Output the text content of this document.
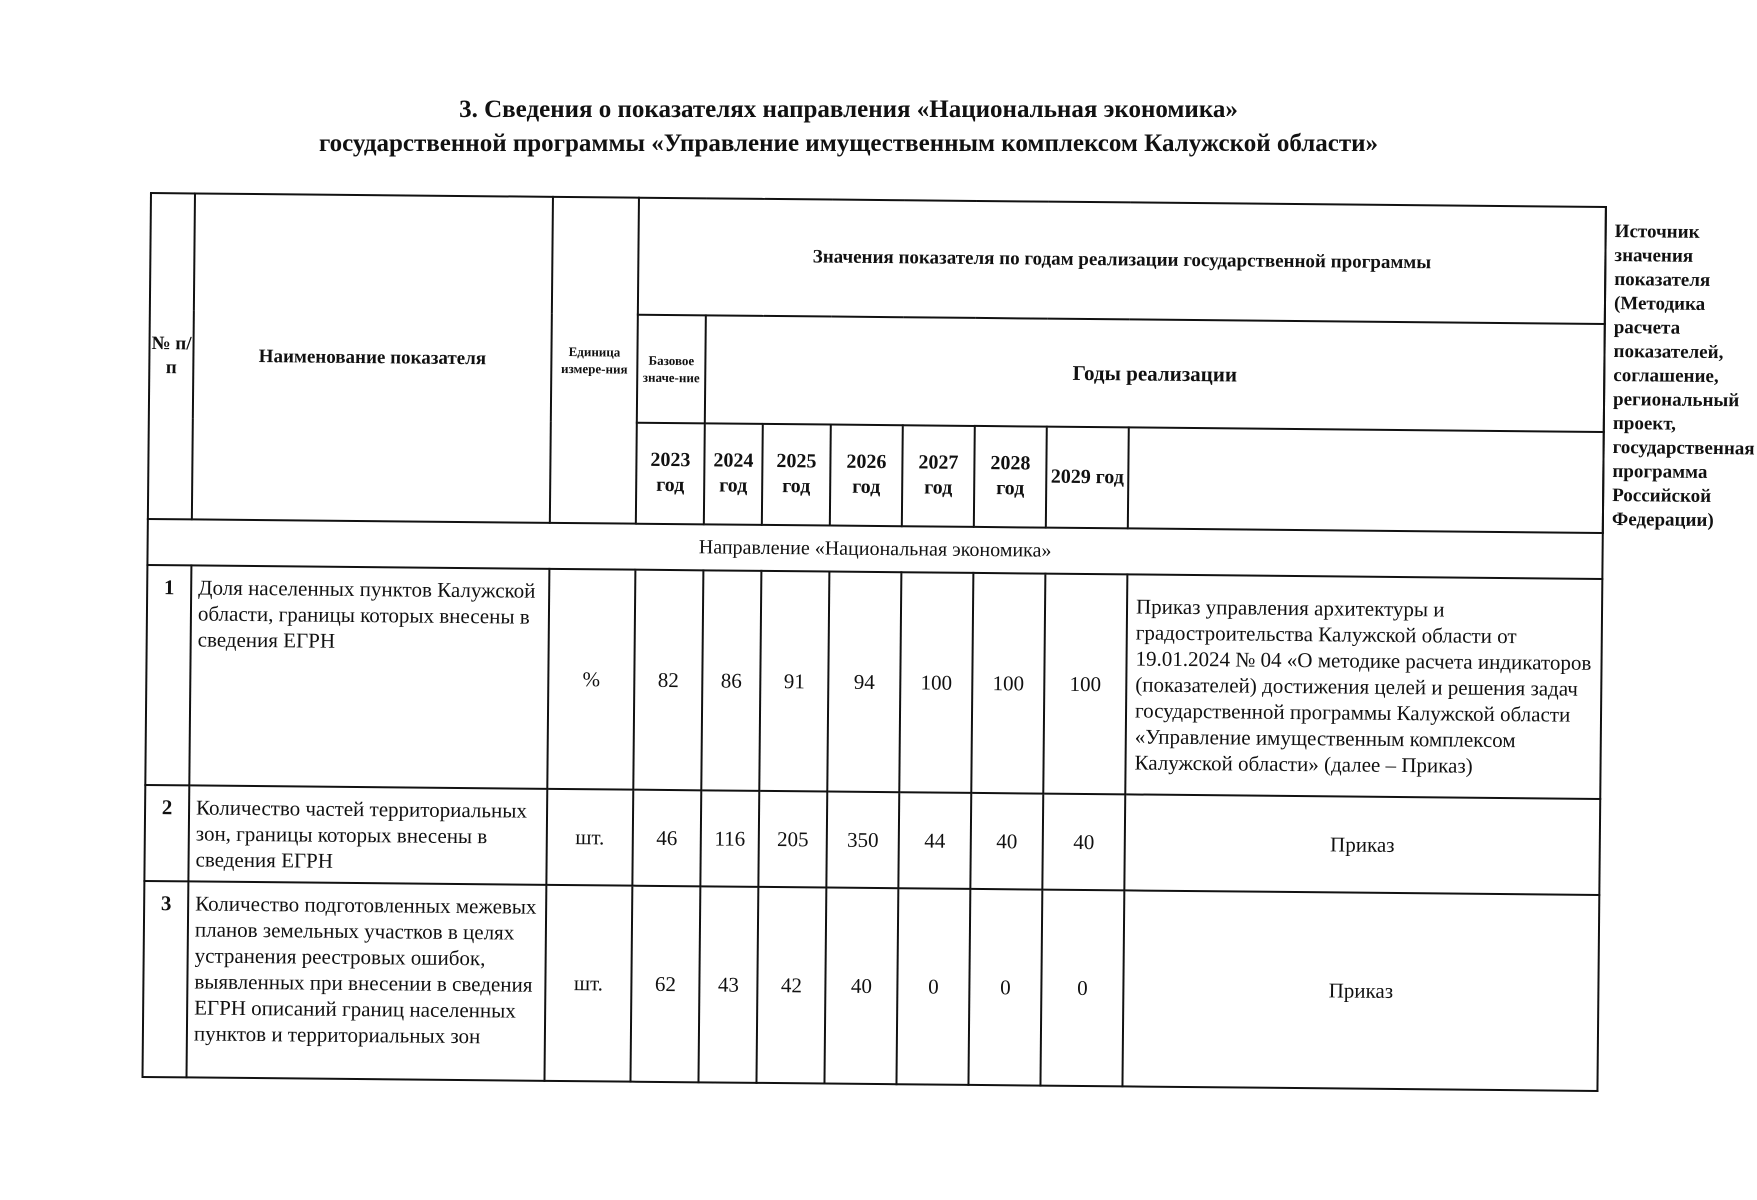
3. Сведения о показателях направления «Национальная экономика»
государственной программы «Управление имущественным комплексом Калужской области»
№ п/п	Наименование показателя	Единица измере-ния	Значения показателя по годам реализации государственной программы								Источник значения показателя (Методика расчета показателей, соглашение, региональный проект, государственная программа Российской Федерации)
			Базовое значе-ние	Годы реализации							
			2023 год	2024 год	2025 год	2026 год	2027 год	2028 год	2029 год		
Направление «Национальная экономика»											
1	Доля населенных пунктов Калужской области, границы которых внесены в сведения ЕГРН	%	82	86	91	94	100	100	100	Приказ управления архитектуры и градостроительства Калужской области от 19.01.2024 № 04 «О методике расчета индикаторов (показателей) достижения целей и решения задач государственной программы Калужской области «Управление имущественным комплексом Калужской области» (далее – Приказ)	
2	Количество частей территориальных зон, границы которых внесены в сведения ЕГРН	шт.	46	116	205	350	44	40	40	Приказ	
3	Количество подготовленных межевых планов земельных участков в целях устранения реестровых ошибок, выявленных при внесении в сведения ЕГРН описаний границ населенных пунктов и территориальных зон	шт.	62	43	42	40	0	0	0	Приказ	
